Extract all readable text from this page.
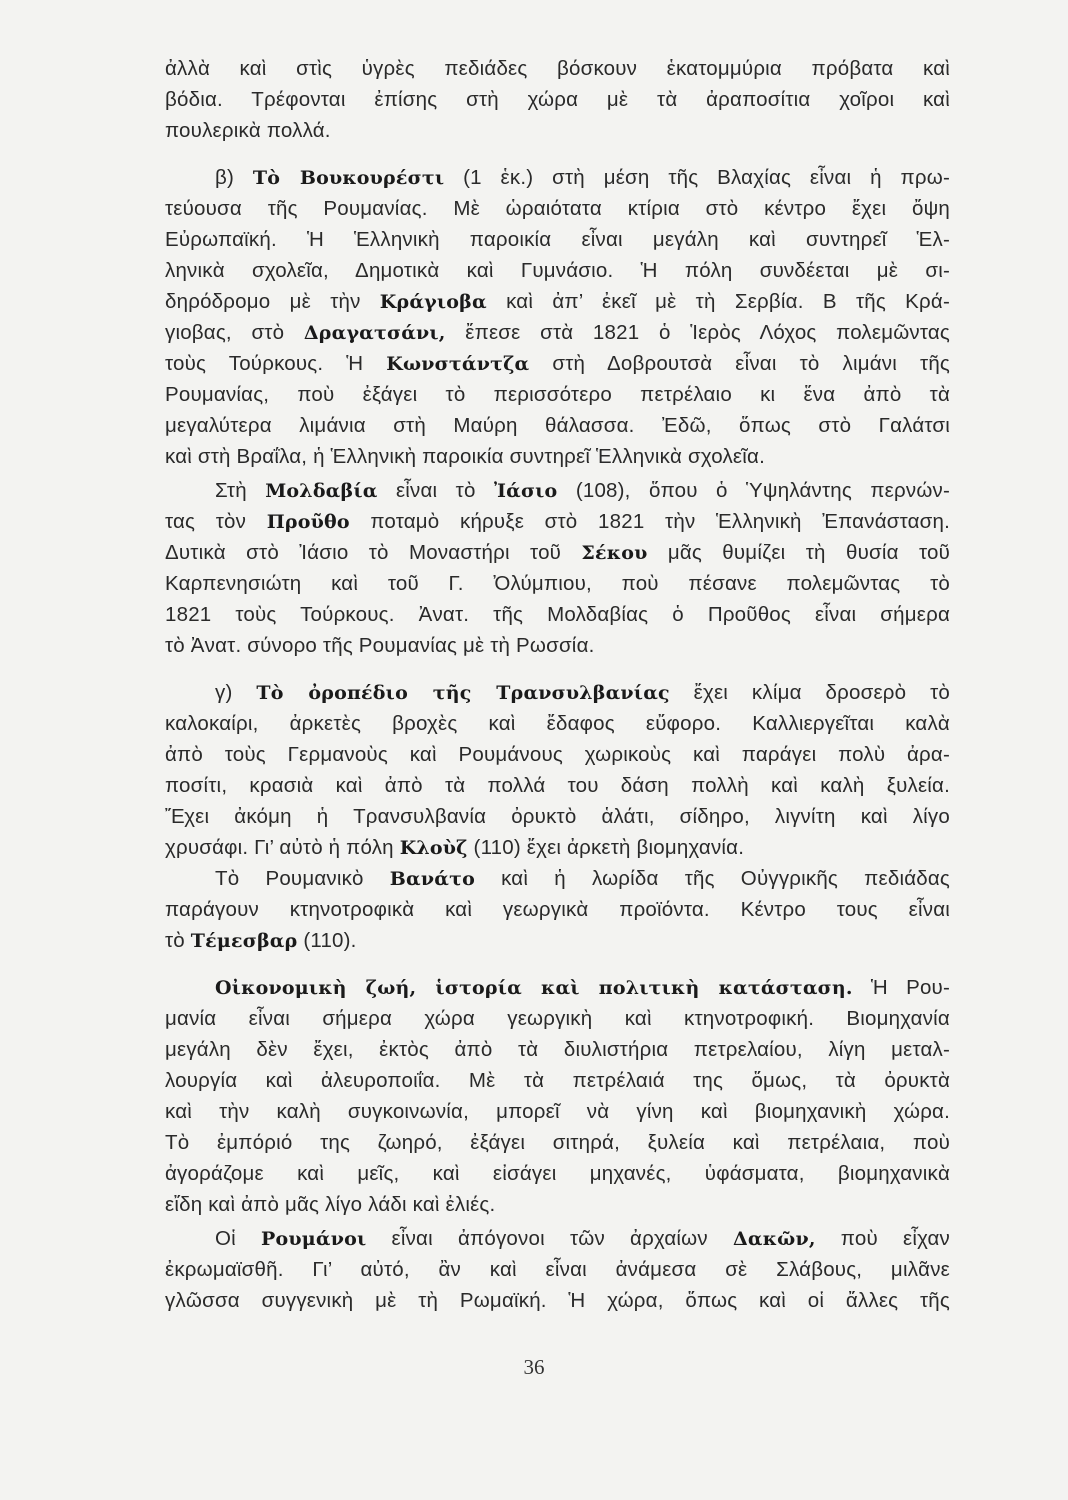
ἀλλὰ καὶ στὶς ὑγρὲς πεδιάδες βόσκουν ἑκατομμύρια πρόβατα καὶ
βόδια. Τρέφονται ἐπίσης στὴ χώρα μὲ τὰ ἀραποσίτια χοῖροι καὶ
πουλερικὰ πολλά.
β) Τὸ Βουκουρέστι (1 ἑκ.) στὴ μέση τῆς Βλαχίας εἶναι ἡ πρω-
τεύουσα τῆς Ρουμανίας. Μὲ ὡραιότατα κτίρια στὸ κέντρο ἔχει ὄψη
Εὐρωπαϊκή. Ἡ Ἑλληνικὴ παροικία εἶναι μεγάλη καὶ συντηρεῖ Ἑλ-
ληνικὰ σχολεῖα, Δημοτικὰ καὶ Γυμνάσιο. Ἡ πόλη συνδέεται μὲ σι-
δηρόδρομο μὲ τὴν Κράγιοβα καὶ ἀπ’ ἐκεῖ μὲ τὴ Σερβία. Β τῆς Κρά-
γιοβας, στὸ Δραγατσάνι, ἔπεσε στὰ 1821 ὁ Ἱερὸς Λόχος πολεμῶντας
τοὺς Τούρκους. Ἡ Κωνστάντζα στὴ Δοβρουτσὰ εἶναι τὸ λιμάνι τῆς
Ρουμανίας, ποὺ ἐξάγει τὸ περισσότερο πετρέλαιο κι ἕνα ἀπὸ τὰ
μεγαλύτερα λιμάνια στὴ Μαύρη θάλασσα. Ἐδῶ, ὅπως στὸ Γαλάτσι
καὶ στὴ Βραΐλα, ἡ Ἑλληνικὴ παροικία συντηρεῖ Ἑλληνικὰ σχολεῖα.
Στὴ Μολδαβία εἶναι τὸ Ἰάσιο (108), ὅπου ὁ Ὑψηλάντης περνών-
τας τὸν Προῦθο ποταμὸ κήρυξε στὸ 1821 τὴν Ἑλληνικὴ Ἐπανάσταση.
Δυτικὰ στὸ Ἰάσιο τὸ Μοναστήρι τοῦ Σέκου μᾶς θυμίζει τὴ θυσία τοῦ
Καρπενησιώτη καὶ τοῦ Γ. Ὀλύμπιου, ποὺ πέσανε πολεμῶντας τὸ
1821 τοὺς Τούρκους. Ἀνατ. τῆς Μολδαβίας ὁ Προῦθος εἶναι σήμερα
τὸ Ἀνατ. σύνορο τῆς Ρουμανίας μὲ τὴ Ρωσσία.
γ) Τὸ ὀροπέδιο τῆς Τρανσυλβανίας ἔχει κλίμα δροσερὸ τὸ
καλοκαίρι, ἀρκετὲς βροχὲς καὶ ἔδαφος εὔφορο. Καλλιεργεῖται καλὰ
ἀπὸ τοὺς Γερμανοὺς καὶ Ρουμάνους χωρικοὺς καὶ παράγει πολὺ ἀρα-
ποσίτι, κρασιὰ καὶ ἀπὸ τὰ πολλά του δάση πολλὴ καὶ καλὴ ξυλεία.
Ἔχει ἀκόμη ἡ Τρανσυλβανία ὀρυκτὸ ἁλάτι, σίδηρο, λιγνίτη καὶ λίγο
χρυσάφι. Γι’ αὐτὸ ἡ πόλη Κλοὺζ (110) ἔχει ἀρκετὴ βιομηχανία.
Τὸ Ρουμανικὸ Βανάτο καὶ ἡ λωρίδα τῆς Οὐγγρικῆς πεδιάδας
παράγουν κτηνοτροφικὰ καὶ γεωργικὰ προϊόντα. Κέντρο τους εἶναι
τὸ Τέμεσβαρ (110).
Οἰκονομικὴ ζωή, ἱστορία καὶ πολιτικὴ κατάσταση. Ἡ Ρου-
μανία εἶναι σήμερα χώρα γεωργικὴ καὶ κτηνοτροφική. Βιομηχανία
μεγάλη δὲν ἔχει, ἐκτὸς ἀπὸ τὰ διυλιστήρια πετρελαίου, λίγη μεταλ-
λουργία καὶ ἀλευροποιΐα. Μὲ τὰ πετρέλαιά της ὅμως, τὰ ὀρυκτὰ
καὶ τὴν καλὴ συγκοινωνία, μπορεῖ νὰ γίνη καὶ βιομηχανικὴ χώρα.
Τὸ ἐμπόριό της ζωηρό, ἐξάγει σιτηρά, ξυλεία καὶ πετρέλαια, ποὺ
ἀγοράζομε καὶ μεῖς, καὶ εἰσάγει μηχανές, ὑφάσματα, βιομηχανικὰ
εἴδη καὶ ἀπὸ μᾶς λίγο λάδι καὶ ἐλιές.
Οἱ Ρουμάνοι εἶναι ἀπόγονοι τῶν ἀρχαίων Δακῶν, ποὺ εἶχαν
ἐκρωμαϊσθῆ. Γι’ αὐτό, ἂν καὶ εἶναι ἀνάμεσα σὲ Σλάβους, μιλᾶνε
γλῶσσα συγγενικὴ μὲ τὴ Ρωμαϊκή. Ἡ χώρα, ὅπως καὶ οἱ ἄλλες τῆς
36
